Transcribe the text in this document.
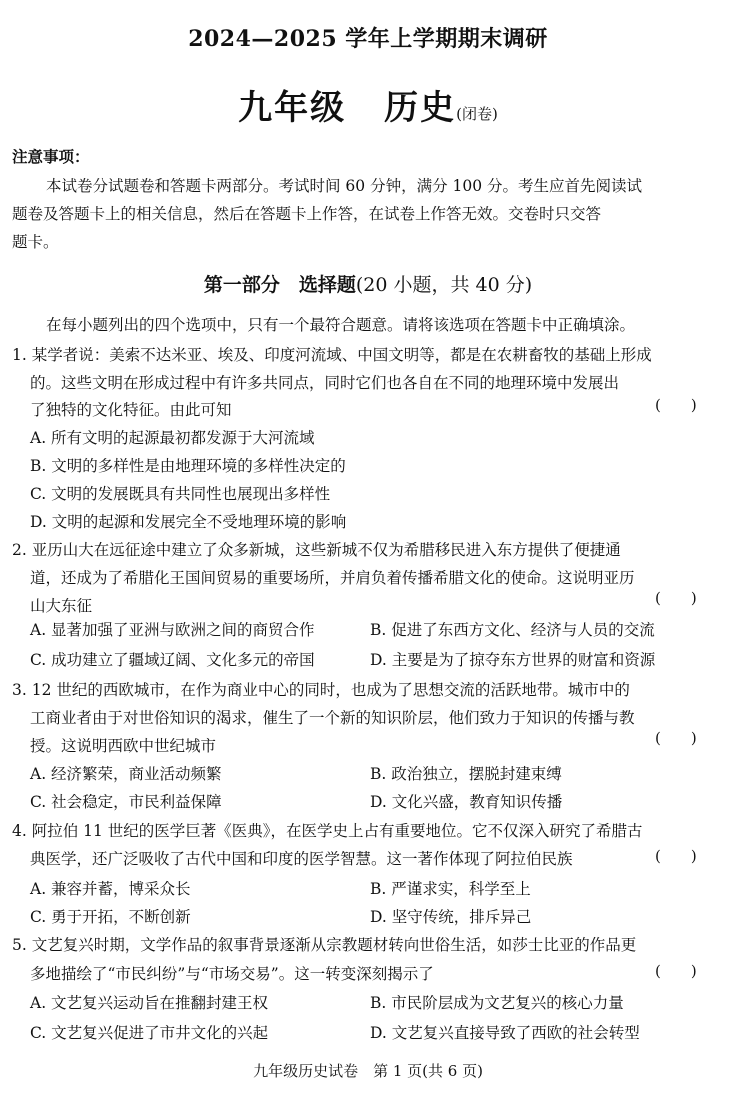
2024—2025 学年上学期期末调研
九年级 历史(闭卷)
注意事项：
本试卷分试题卷和答题卡两部分。考试时间 60 分钟，满分 100 分。考生应首先阅读试
题卷及答题卡上的相关信息，然后在答题卡上作答，在试卷上作答无效。交卷时只交答
题卡。
第一部分　选择题(20 小题，共 40 分)
在每小题列出的四个选项中，只有一个最符合题意。请将该选项在答题卡中正确填涂。
1. 某学者说：美索不达米亚、埃及、印度河流域、中国文明等，都是在农耕畜牧的基础上形成
的。这些文明在形成过程中有许多共同点，同时它们也各自在不同的地理环境中发展出
了独特的文化特征。由此可知	(　　)
A. 所有文明的起源最初都发源于大河流域
B. 文明的多样性是由地理环境的多样性决定的
C. 文明的发展既具有共同性也展现出多样性
D. 文明的起源和发展完全不受地理环境的影响
2. 亚历山大在远征途中建立了众多新城，这些新城不仅为希腊移民进入东方提供了便捷通
道，还成为了希腊化王国间贸易的重要场所，并肩负着传播希腊文化的使命。这说明亚历
山大东征	(　　)
A. 显著加强了亚洲与欧洲之间的商贸合作	B. 促进了东西方文化、经济与人员的交流
C. 成功建立了疆域辽阔、文化多元的帝国	D. 主要是为了掠夺东方世界的财富和资源
3. 12 世纪的西欧城市，在作为商业中心的同时，也成为了思想交流的活跃地带。城市中的
工商业者由于对世俗知识的渴求，催生了一个新的知识阶层，他们致力于知识的传播与教
授。这说明西欧中世纪城市	(　　)
A. 经济繁荣，商业活动频繁	B. 政治独立，摆脱封建束缚
C. 社会稳定，市民利益保障	D. 文化兴盛，教育知识传播
4. 阿拉伯 11 世纪的医学巨著《医典》，在医学史上占有重要地位。它不仅深入研究了希腊古
典医学，还广泛吸收了古代中国和印度的医学智慧。这一著作体现了阿拉伯民族	(　　)
A. 兼容并蓄，博采众长	B. 严谨求实，科学至上
C. 勇于开拓，不断创新	D. 坚守传统，排斥异己
5. 文艺复兴时期，文学作品的叙事背景逐渐从宗教题材转向世俗生活，如莎士比亚的作品更
多地描绘了“市民纠纷”与“市场交易”。这一转变深刻揭示了	(　　)
A. 文艺复兴运动旨在推翻封建王权	B. 市民阶层成为文艺复兴的核心力量
C. 文艺复兴促进了市井文化的兴起	D. 文艺复兴直接导致了西欧的社会转型
九年级历史试卷　第 1 页(共 6 页)
